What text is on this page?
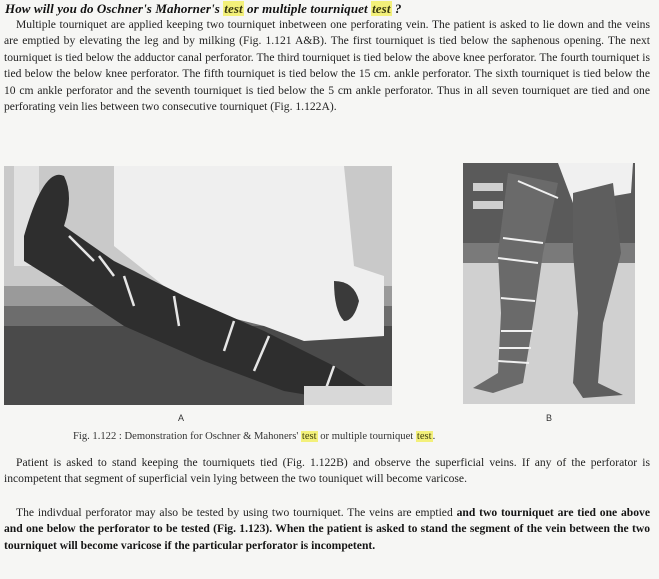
How will you do Oschner's Mahorner's test or multiple tourniquet test ?
Multiple tourniquet are applied keeping two tourniquet inbetween one perforating vein. The patient is asked to lie down and the veins are emptied by elevating the leg and by milking (Fig. 1.121 A&B). The first tourniquet is tied below the saphenous opening. The next tourniquet is tied below the adductor canal perforator. The third tourniquet is tied below the above knee perforator. The fourth tourniquet is tied below the below knee perforator. The fifth tourniquet is tied below the 15 cm. ankle perforator. The sixth tourniquet is tied below the 10 cm ankle perforator and the seventh tourniquet is tied below the 5 cm ankle perforator. Thus in all seven tourniquet are tied and one perforating vein lies between two consecutive tourniquet (Fig. 1.122A).
A	B
Fig. 1.122 : Demonstration for Oschner & Mahoners' test or multiple tourniquet test.
Patient is asked to stand keeping the tourniquets tied (Fig. 1.122B) and observe the superficial veins. If any of the perforator is incompetent that segment of superficial vein lying between the two touniquet will become varicose.
The indivdual perforator may also be tested by using two tourniquet. The veins are emptied and two tourniquet are tied one above and one below the perforator to be tested (Fig. 1.123). When the patient is asked to stand the segment of the vein between the two tourniquet will become varicose if the particular perforator is incompetent.
